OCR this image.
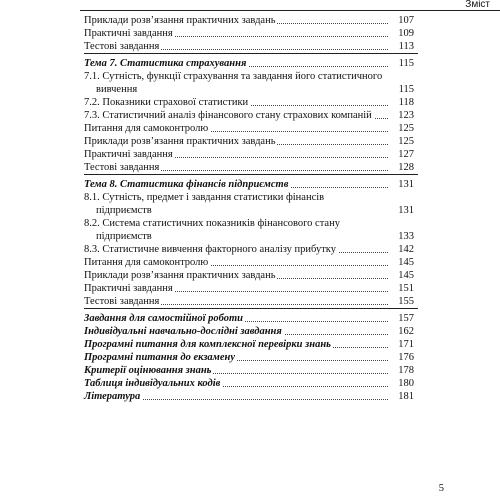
Зміст
Приклади розв’язання практичних завдань	107
Практичні завдання	109
Тестові завдання	113
Тема 7. Статистика страхування	115
7.1. Сутність, функції страхування та завдання його статистичного
вивчення	115
7.2. Показники страхової статистики	118
7.3. Статистичний аналіз фінансового стану страхових компаній	123
Питання для самоконтролю	125
Приклади розв’язання практичних завдань	125
Практичні завдання	127
Тестові завдання	128
Тема 8. Статистика фінансів підприємств	131
8.1. Сутність, предмет і завдання статистики фінансів
підприємств	131
8.2. Система статистичних показників фінансового стану
підприємств	133
8.3. Статистичне вивчення факторного аналізу прибутку	142
Питання для самоконтролю	145
Приклади розв’язання практичних завдань	145
Практичні завдання	151
Тестові завдання	155
Завдання для самостійної роботи	157
Індивідуальні навчально-дослідні завдання	162
Програмні питання для комплексної перевірки знань	171
Програмні питання до екзамену	176
Критерії оцінювання знань	178
Таблиця індивідуальних кодів	180
Література	181
5
